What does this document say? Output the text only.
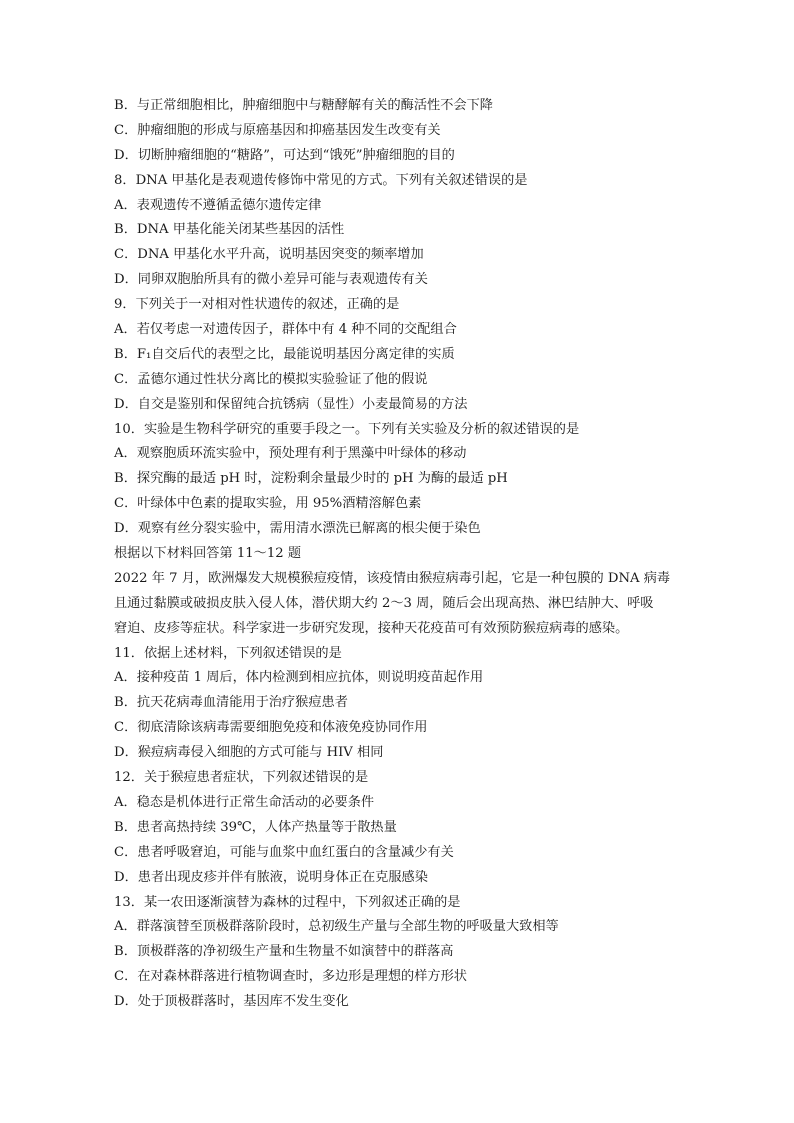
B．与正常细胞相比，肿瘤细胞中与糖酵解有关的酶活性不会下降
C．肿瘤细胞的形成与原癌基因和抑癌基因发生改变有关
D．切断肿瘤细胞的“糖路”，可达到“饿死”肿瘤细胞的目的
8．DNA 甲基化是表观遗传修饰中常见的方式。下列有关叙述错误的是
A．表观遗传不遵循孟德尔遗传定律
B．DNA 甲基化能关闭某些基因的活性
C．DNA 甲基化水平升高，说明基因突变的频率增加
D．同卵双胞胎所具有的微小差异可能与表观遗传有关
9．下列关于一对相对性状遗传的叙述，正确的是
A．若仅考虑一对遗传因子，群体中有 4 种不同的交配组合
B．F₁自交后代的表型之比，最能说明基因分离定律的实质
C．孟德尔通过性状分离比的模拟实验验证了他的假说
D．自交是鉴别和保留纯合抗锈病（显性）小麦最简易的方法
10．实验是生物科学研究的重要手段之一。下列有关实验及分析的叙述错误的是
A．观察胞质环流实验中，预处理有利于黑藻中叶绿体的移动
B．探究酶的最适 pH 时，淀粉剩余量最少时的 pH 为酶的最适 pH
C．叶绿体中色素的提取实验，用 95%酒精溶解色素
D．观察有丝分裂实验中，需用清水漂洗已解离的根尖便于染色
根据以下材料回答第 11～12 题
2022 年 7 月，欧洲爆发大规模猴痘疫情，该疫情由猴痘病毒引起，它是一种包膜的 DNA 病毒
且通过黏膜或破损皮肤入侵人体，潜伏期大约 2～3 周，随后会出现高热、淋巴结肿大、呼吸
窘迫、皮疹等症状。科学家进一步研究发现，接种天花疫苗可有效预防猴痘病毒的感染。
11．依据上述材料，下列叙述错误的是
A．接种疫苗 1 周后，体内检测到相应抗体，则说明疫苗起作用
B．抗天花病毒血清能用于治疗猴痘患者
C．彻底清除该病毒需要细胞免疫和体液免疫协同作用
D．猴痘病毒侵入细胞的方式可能与 HIV 相同
12．关于猴痘患者症状，下列叙述错误的是
A．稳态是机体进行正常生命活动的必要条件
B．患者高热持续 39℃，人体产热量等于散热量
C．患者呼吸窘迫，可能与血浆中血红蛋白的含量减少有关
D．患者出现皮疹并伴有脓液，说明身体正在克服感染
13．某一农田逐渐演替为森林的过程中，下列叙述正确的是
A．群落演替至顶极群落阶段时，总初级生产量与全部生物的呼吸量大致相等
B．顶极群落的净初级生产量和生物量不如演替中的群落高
C．在对森林群落进行植物调查时，多边形是理想的样方形状
D．处于顶极群落时，基因库不发生变化
